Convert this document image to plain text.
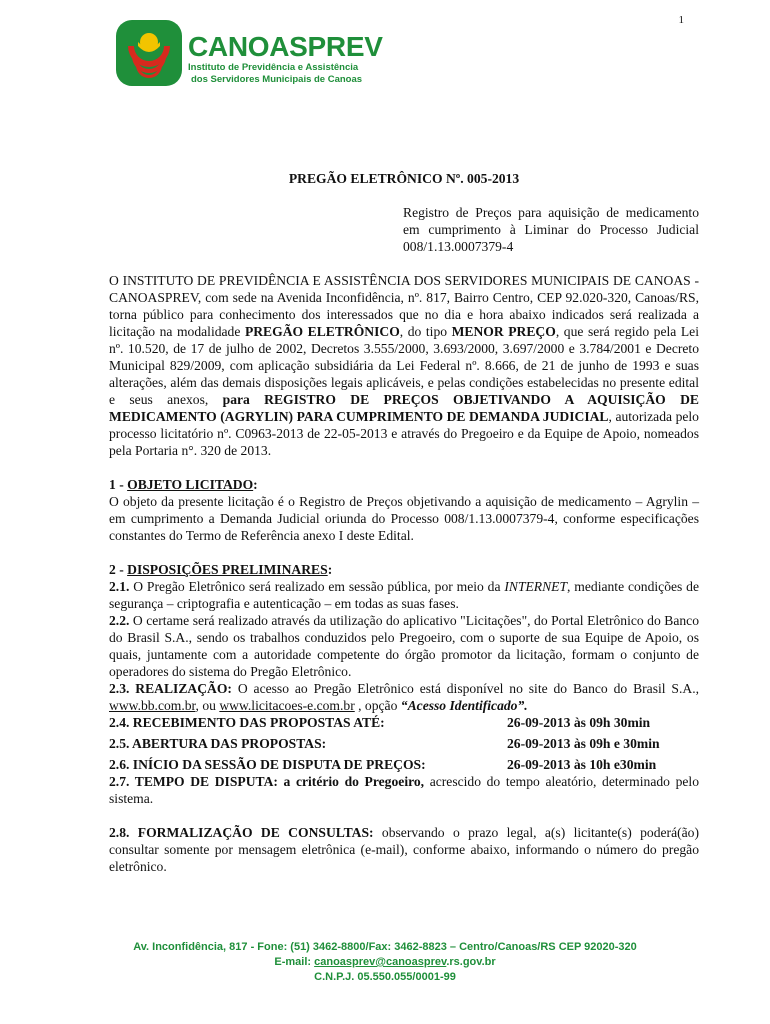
1
CANOASPREV
Instituto de Previdência e Assistência
dos Servidores Municipais de Canoas
PREGÃO ELETRÔNICO Nº. 005-2013
Registro de Preços para aquisição de medicamento em cumprimento à Liminar do Processo Judicial 008/1.13.0007379-4

O INSTITUTO DE PREVIDÊNCIA E ASSISTÊNCIA DOS SERVIDORES MUNICIPAIS DE CANOAS - CANOASPREV, com sede na Avenida Inconfidência, nº. 817, Bairro Centro, CEP 92.020-320, Canoas/RS, torna público para conhecimento dos interessados que no dia e hora abaixo indicados será realizada a licitação na modalidade PREGÃO ELETRÔNICO, do tipo MENOR PREÇO, que será regido pela Lei nº. 10.520, de 17 de julho de 2002, Decretos 3.555/2000, 3.693/2000, 3.697/2000 e 3.784/2001 e Decreto Municipal 829/2009, com aplicação subsidiária da Lei Federal nº. 8.666, de 21 de junho de 1993 e suas alterações, além das demais disposições legais aplicáveis, e pelas condições estabelecidas no presente edital e seus anexos, para REGISTRO DE PREÇOS OBJETIVANDO A AQUISIÇÃO DE MEDICAMENTO (AGRYLIN) PARA CUMPRIMENTO DE DEMANDA JUDICIAL, autorizada pelo processo licitatório nº. C0963-2013 de 22-05-2013 e através do Pregoeiro e da Equipe de Apoio, nomeados pela Portaria n°. 320 de 2013.

1 - OBJETO LICITADO:

O objeto da presente licitação é o Registro de Preços objetivando a aquisição de medicamento – Agrylin – em cumprimento a Demanda Judicial oriunda do Processo 008/1.13.0007379-4, conforme especificações constantes do Termo de Referência anexo I deste Edital.

2 - DISPOSIÇÕES PRELIMINARES:

2.1. O Pregão Eletrônico será realizado em sessão pública, por meio da INTERNET, mediante condições de segurança – criptografia e autenticação – em todas as suas fases.

2.2. O certame será realizado através da utilização do aplicativo "Licitações", do Portal Eletrônico do Banco do Brasil S.A., sendo os trabalhos conduzidos pelo Pregoeiro, com o suporte de sua Equipe de Apoio, os quais, juntamente com a autoridade competente do órgão promotor da licitação, formam o conjunto de operadores do sistema do Pregão Eletrônico.

2.3. REALIZAÇÃO: O acesso ao Pregão Eletrônico está disponível no site do Banco do Brasil S.A., www.bb.com.br, ou www.licitacoes-e.com.br , opção “Acesso Identificado”.

2.4. RECEBIMENTO DAS PROPOSTAS ATÉ:	26-09-2013 às 09h 30min
2.5. ABERTURA DAS PROPOSTAS:	26-09-2013 às 09h e 30min
2.6. INÍCIO DA SESSÃO DE DISPUTA DE PREÇOS:	26-09-2013 às 10h e30min

2.7. TEMPO DE DISPUTA: a critério do Pregoeiro, acrescido do tempo aleatório, determinado pelo sistema.

2.8. FORMALIZAÇÃO DE CONSULTAS: observando o prazo legal, a(s) licitante(s) poderá(ão) consultar somente por mensagem eletrônica (e-mail), conforme abaixo, informando o número do pregão eletrônico.

Av. Inconfidência, 817 - Fone: (51) 3462-8800/Fax: 3462-8823 – Centro/Canoas/RS CEP 92020-320
E-mail: canoasprev@canoasprev.rs.gov.br
C.N.P.J. 05.550.055/0001-99
